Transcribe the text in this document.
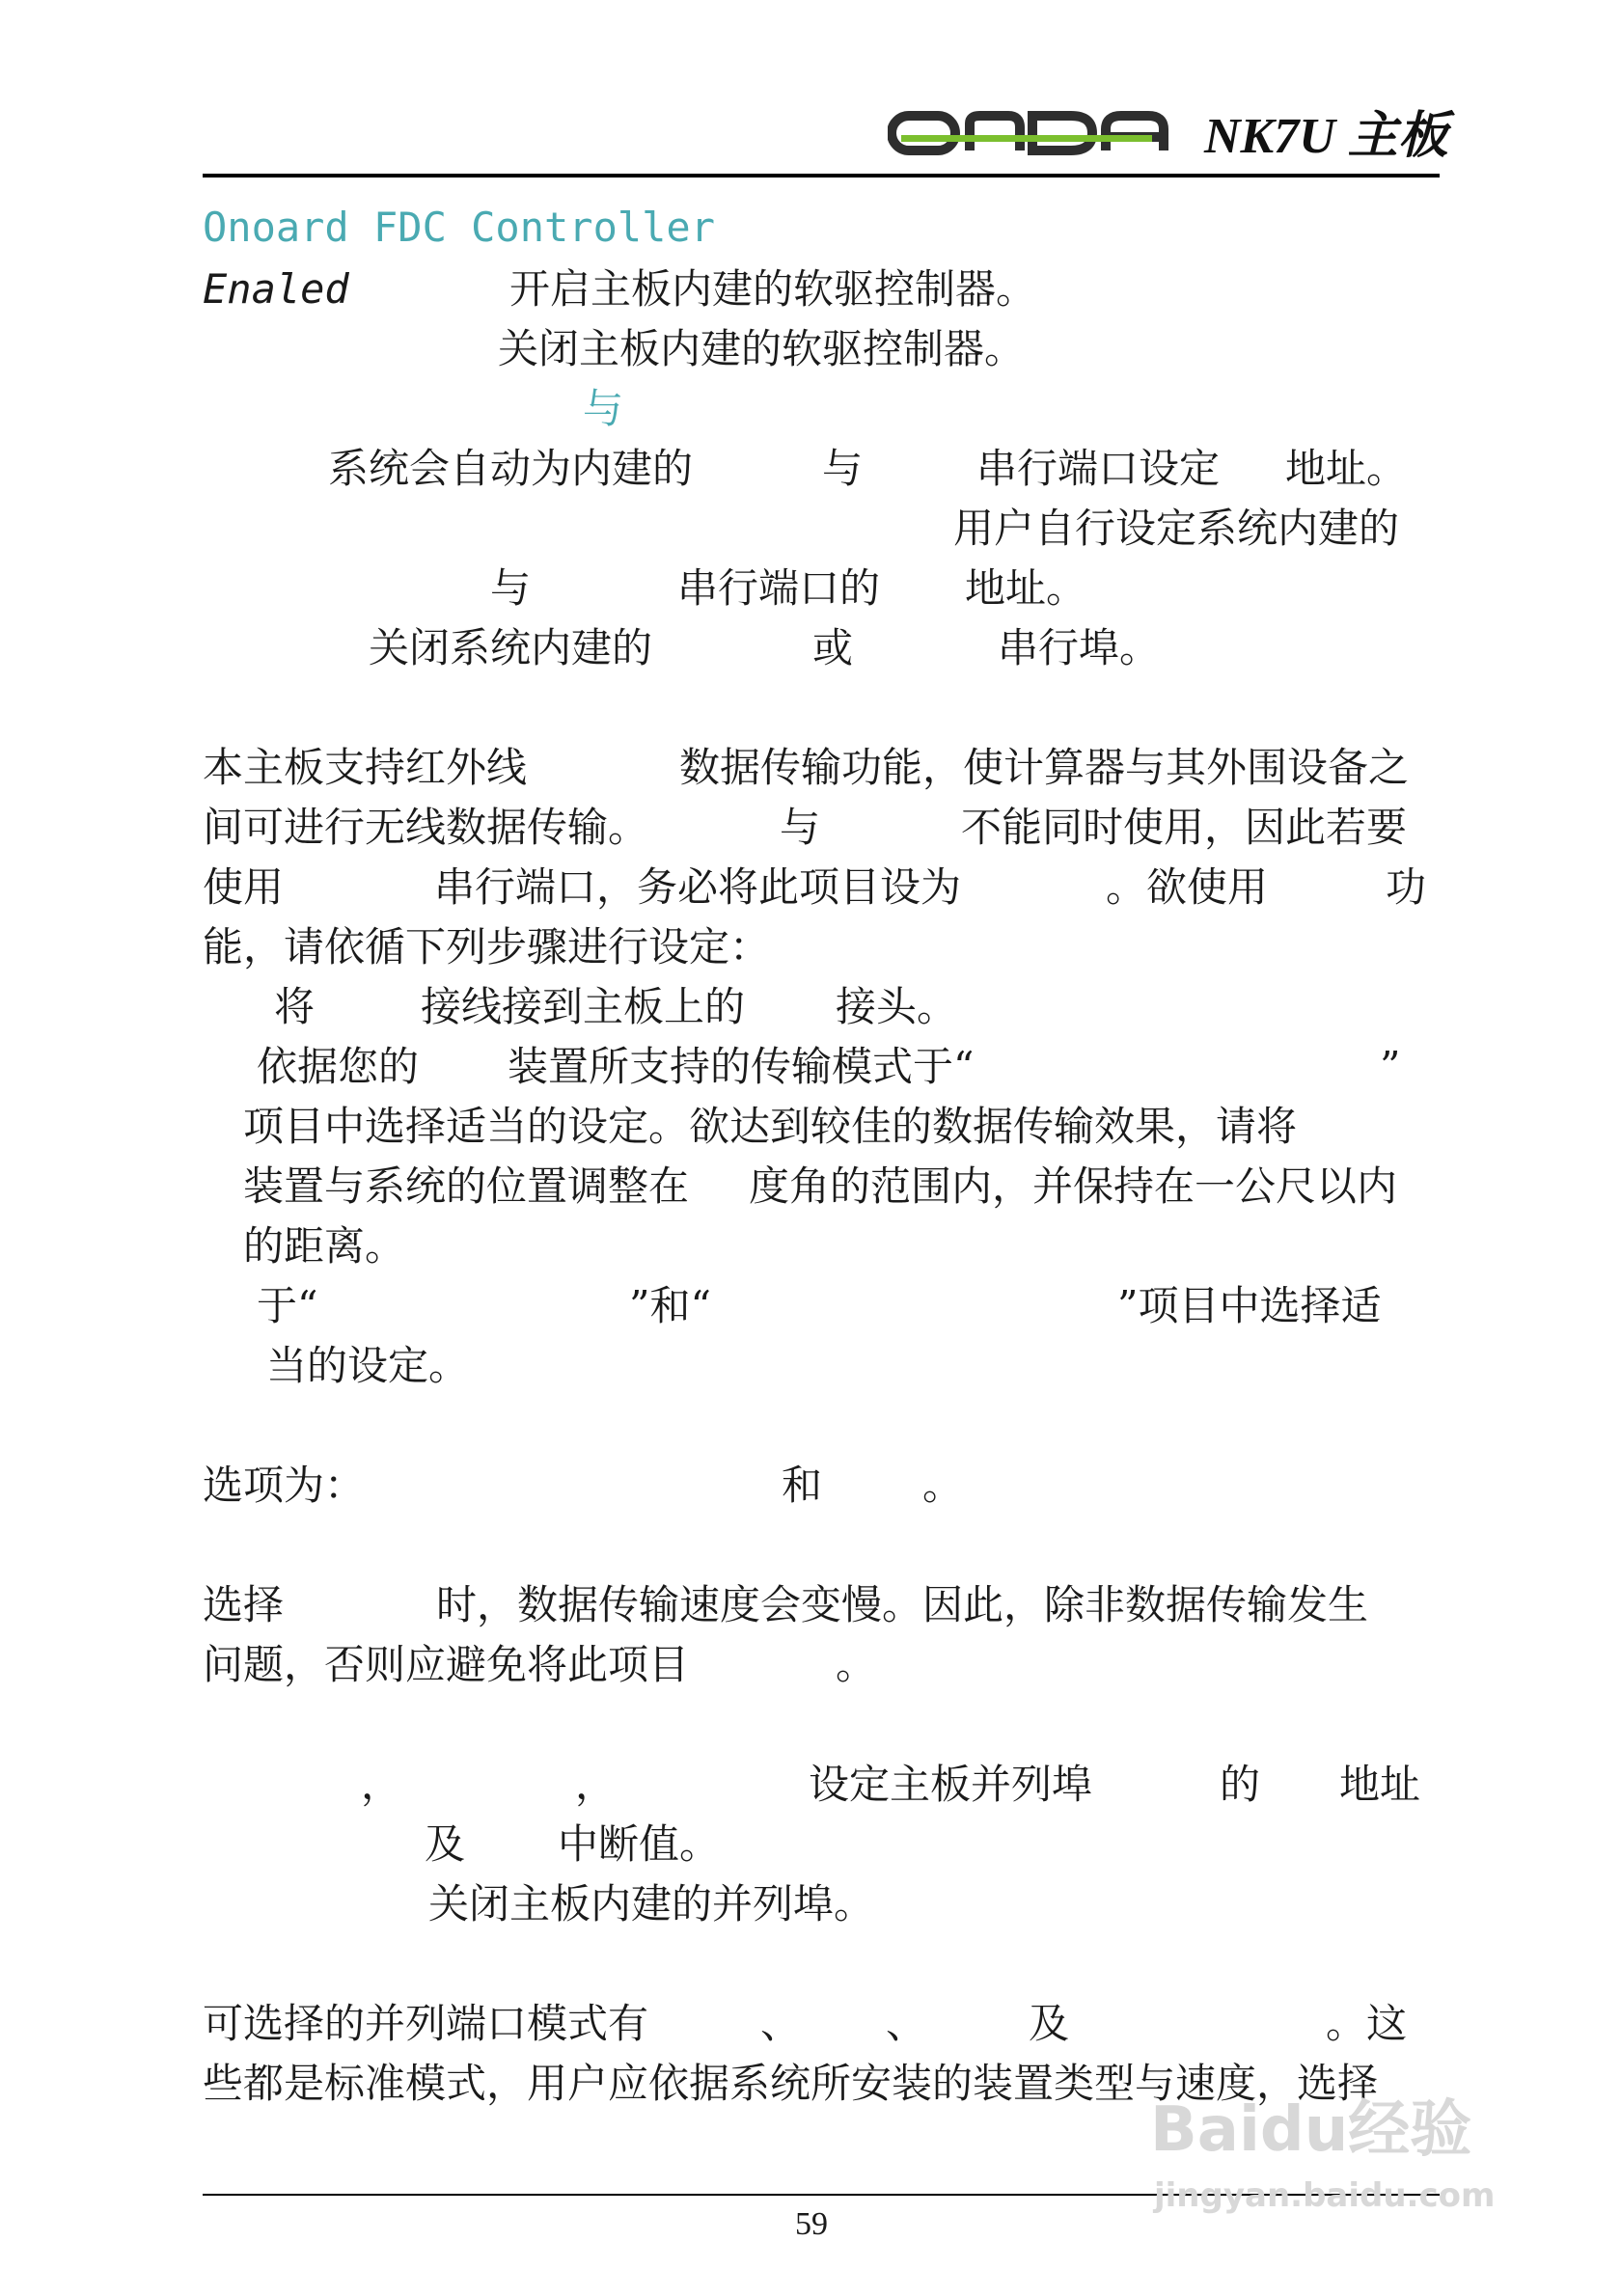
NK7U 主板
Onoard FDC Controller
Enaled	开启主板内建的软驱控制器。
关闭主板内建的软驱控制器。
与
系统会自动为内建的	与	串行端口设定 地址。
用户自行设定系统内建的
与	串行端口的 地址。
关闭系统内建的	或	串行埠。
本主板支持红外线	数据传输功能，使计算器与其外围设备之
间可进行无线数据传输。	与	不能同时使用，因此若要
使用	串行端口，务必将此项目设为	。欲使用	功
能，请依循下列步骤进行设定：
将	接线接到主板上的 接头。
依据您的 装置所支持的传输模式于“	”
项目中选择适当的设定。欲达到较佳的数据传输效果，请将
装置与系统的位置调整在 度角的范围内，并保持在一公尺以内
的距离。
于“	”和“	”项目中选择适
当的设定。
选项为：	和 。
选择	时，数据传输速度会变慢。因此，除非数据传输发生
问题，否则应避免将此项目	。
，	，	设定主板并列埠	的 地址
及 中断值。
关闭主板内建的并列埠。
可选择的并列端口模式有	、 、	及	。这
些都是标准模式，用户应依据系统所安装的装置类型与速度，选择
59
Baidu经验
jingyan.baidu.com
